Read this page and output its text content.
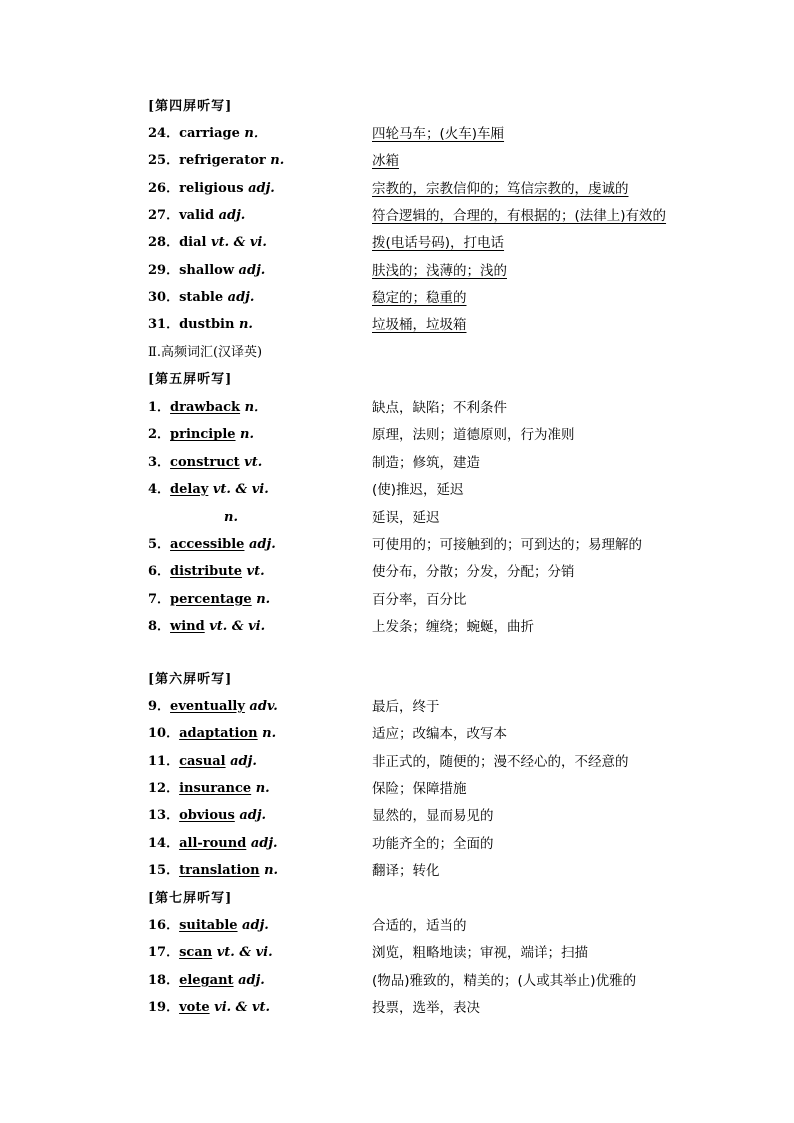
[第四屏听写]
24．carriage n．	四轮马车；(火车)车厢
25．refrigerator n.	冰箱
26．religious adj.	宗教的，宗教信仰的；笃信宗教的，虔诚的
27．valid adj.	符合逻辑的，合理的，有根据的；(法律上)有效的
28．dial vt. & vi.	拨(电话号码)，打电话
29．shallow adj.	肤浅的；浅薄的；浅的
30．stable adj.	稳定的；稳重的
31．dustbin n.	垃圾桶，垃圾箱
Ⅱ.高频词汇(汉译英)
[第五屏听写]
1．drawback n．	缺点，缺陷；不利条件
2．principle n.	原理，法则；道德原则，行为准则
3．construct vt.	制造；修筑，建造
4．delay vt. & vi.	(使)推迟，延迟
n.	延误，延迟
5．accessible adj.	可使用的；可接触到的；可到达的；易理解的
6．distribute vt.	使分布，分散；分发，分配；分销
7．percentage n.	百分率，百分比
8．wind vt. & vi.	上发条；缠绕；蜿蜒，曲折
[第六屏听写]
9．eventually adv.	最后，终于
10．adaptation n.	适应；改编本，改写本
11．casual adj.	非正式的，随便的；漫不经心的，不经意的
12．insurance n.	保险；保障措施
13．obvious adj.	显然的，显而易见的
14．all-round adj.	功能齐全的；全面的
15．translation n.	翻译；转化
[第七屏听写]
16．suitable adj.	合适的，适当的
17．scan vt. & vi.	浏览，粗略地读；审视，端详；扫描
18．elegant adj.	(物品)雅致的，精美的；(人或其举止)优雅的
19．vote vi. & vt.	投票，选举，表决
